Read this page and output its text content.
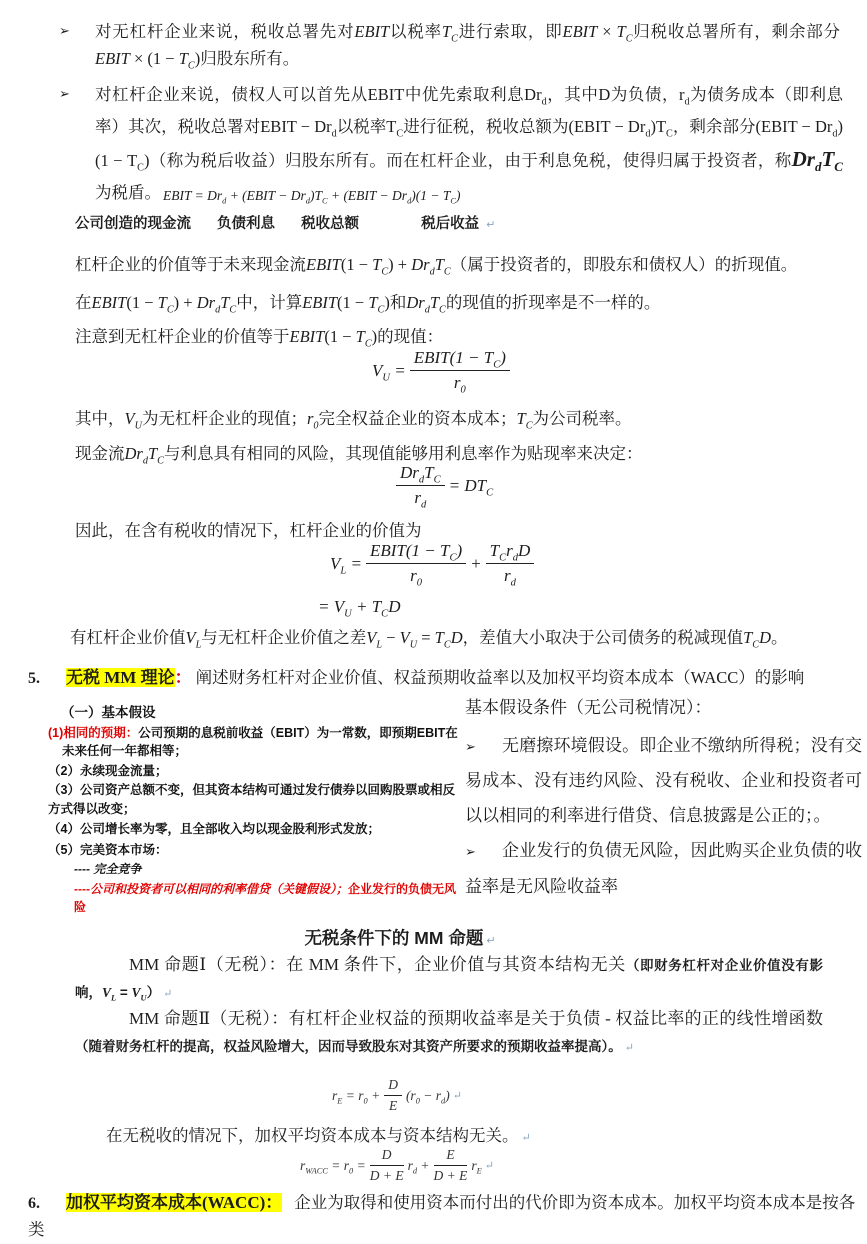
➢ 对无杠杆企业来说，税收总署先对EBIT以税率$T_C$进行索取，即EBIT × $T_C$归税收总署所有，剩余部分EBIT × $(1 - T_C)$归股东所有。
➢ 对杠杆企业来说，债权人可以首先从EBIT中优先索取利息$Dr_d$，其中D为负债，$r_d$为债务成本（即利息率）其次，税收总署对EBIT − $Dr_d$以税率$T_C$进行征税，税收总额为(EBIT − $Dr_d)T_C$，剩余部分(EBIT − $Dr_d)(1 - T_C)$（称为税后收益）归股东所有。而在杠杆企业，由于利息免税，使得归属于投资者，称$Dr_dT_C$为税盾。 EBIT = $Dr_d$ + (EBIT − $Dr_d)T_C$ + (EBIT − $Dr_d)(1 - T_C)$
公司创造的现金流 负债利息 税收总额	税后收益 ↵
杠杆企业的价值等于未来现金流EBIT(1 − $T_C) + Dr_dT_C$（属于投资者的，即股东和债权人）的折现值。
在EBIT(1 − $T_C) + Dr_dT_C$中，计算EBIT(1 − $T_C$)和$Dr_dT_C$的现值的折现率是不一样的。
注意到无杠杆企业的价值等于EBIT(1 − $T_C$)的现值：
$V_U = \frac{EBIT(1 - T_C)}{r_0}$
其中，$V_U$为无杠杆企业的现值；$r_0$完全权益企业的资本成本；$T_C$为公司税率。
现金流$Dr_dT_C$与利息具有相同的风险，其现值能够用利息率作为贴现率来决定：
$\frac{Dr_dT_C}{r_d} = DT_C$
因此，在含有税收的情况下，杠杆企业的价值为
$V_L = \frac{EBIT(1 - T_C)}{r_0} + \frac{T_Cr_dD}{r_d}$
= $V_U + T_CD$
有杠杆企业价值$V_L$与无杠杆企业价值之差$V_L - V_U = T_CD$，差值大小取决于公司债务的税减现值$T_CD$。
5. 无税 MM 理论： 阐述财务杠杆对企业价值、权益预期收益率以及加权平均资本成本（WACC）的影响
（一）基本假设
(1)相同的预期：公司预期的息税前收益（EBIT）为一常数，即预期EBIT在未来任何一年都相等；
（2）永续现金流量；
（3）公司资产总额不变，但其资本结构可通过发行债券以回购股票或相反方式得以改变；
（4）公司增长率为零，且全部收入均以现金股利形式发放；
（5）完美资本市场：
---- 完全竞争
----公司和投资者可以相同的利率借贷（关键假设）；企业发行的负债无风险
基本假设条件（无公司税情况）：

➢ 无磨擦环境假设。即企业不缴纳所得税；没有交易成本、没有违约风险、没有税收、企业和投资者可以以相同的利率进行借贷、信息披露是公正的；。

➢ 企业发行的负债无风险，因此购买企业负债的收益率是无风险收益率

无税条件下的 MM 命题 ↵
MM 命题Ⅰ（无税）：在 MM 条件下，企业价值与其资本结构无关（即财务杠杆对企业价值没有影响，$V_L = V_U$） ↵
MM 命题Ⅱ（无税）：有杠杆企业权益的预期收益率是关于负债 - 权益比率的正的线性增函数（随着财务杠杆的提高，权益风险增大，因而导致股东对其资产所要求的预期收益率提高）。 ↵
$r_E = r_0 + \frac{D}{E} (r_0 - r_d)$ ↵
在无税收的情况下，加权平均资本成本与资本结构无关。 ↵
$r_{WACC} = r_0 = \frac{D}{D + E} r_d + \frac{E}{D + E} r_E$ ↵
6. 加权平均资本成本(WACC)： 企业为取得和使用资本而付出的代价即为资本成本。加权平均资本成本是按各类
